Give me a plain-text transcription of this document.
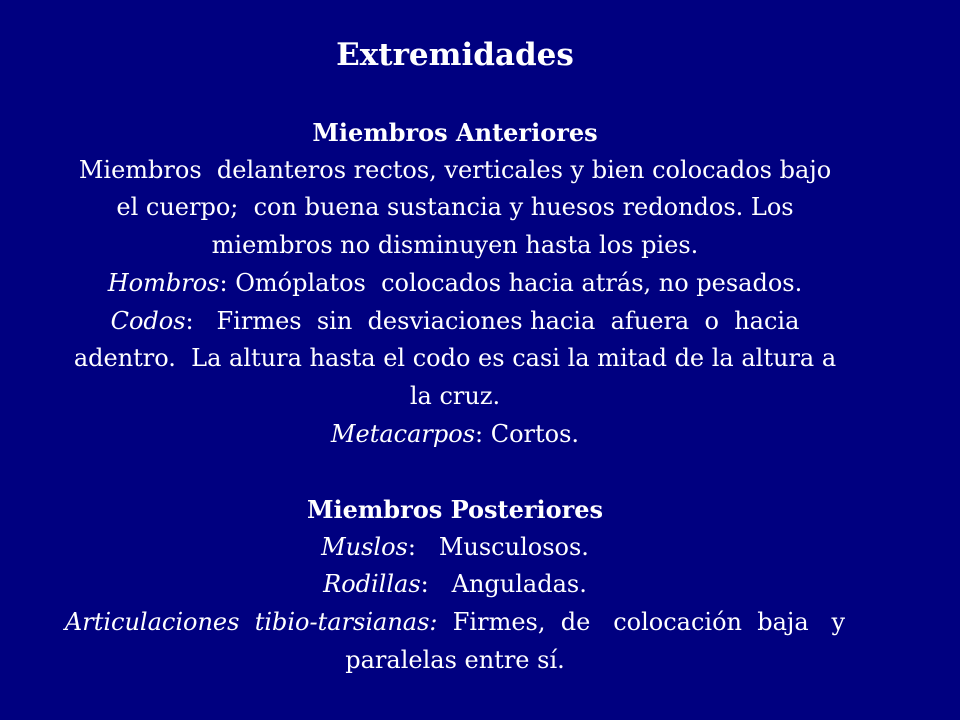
Extremidades
Miembros Anteriores
Miembros  delanteros rectos, verticales y bien colocados bajo
el cuerpo;  con buena sustancia y huesos redondos. Los
miembros no disminuyen hasta los pies.
Hombros: Omóplatos  colocados hacia atrás, no pesados.
Codos:   Firmes  sin  desviaciones hacia  afuera  o  hacia
adentro.  La altura hasta el codo es casi la mitad de la altura a
la cruz.
Metacarpos: Cortos.
Miembros Posteriores
Muslos:   Musculosos.
Rodillas:   Anguladas.
Articulaciones  tibio-tarsianas:  Firmes,  de   colocación  baja   y
paralelas entre sí.
